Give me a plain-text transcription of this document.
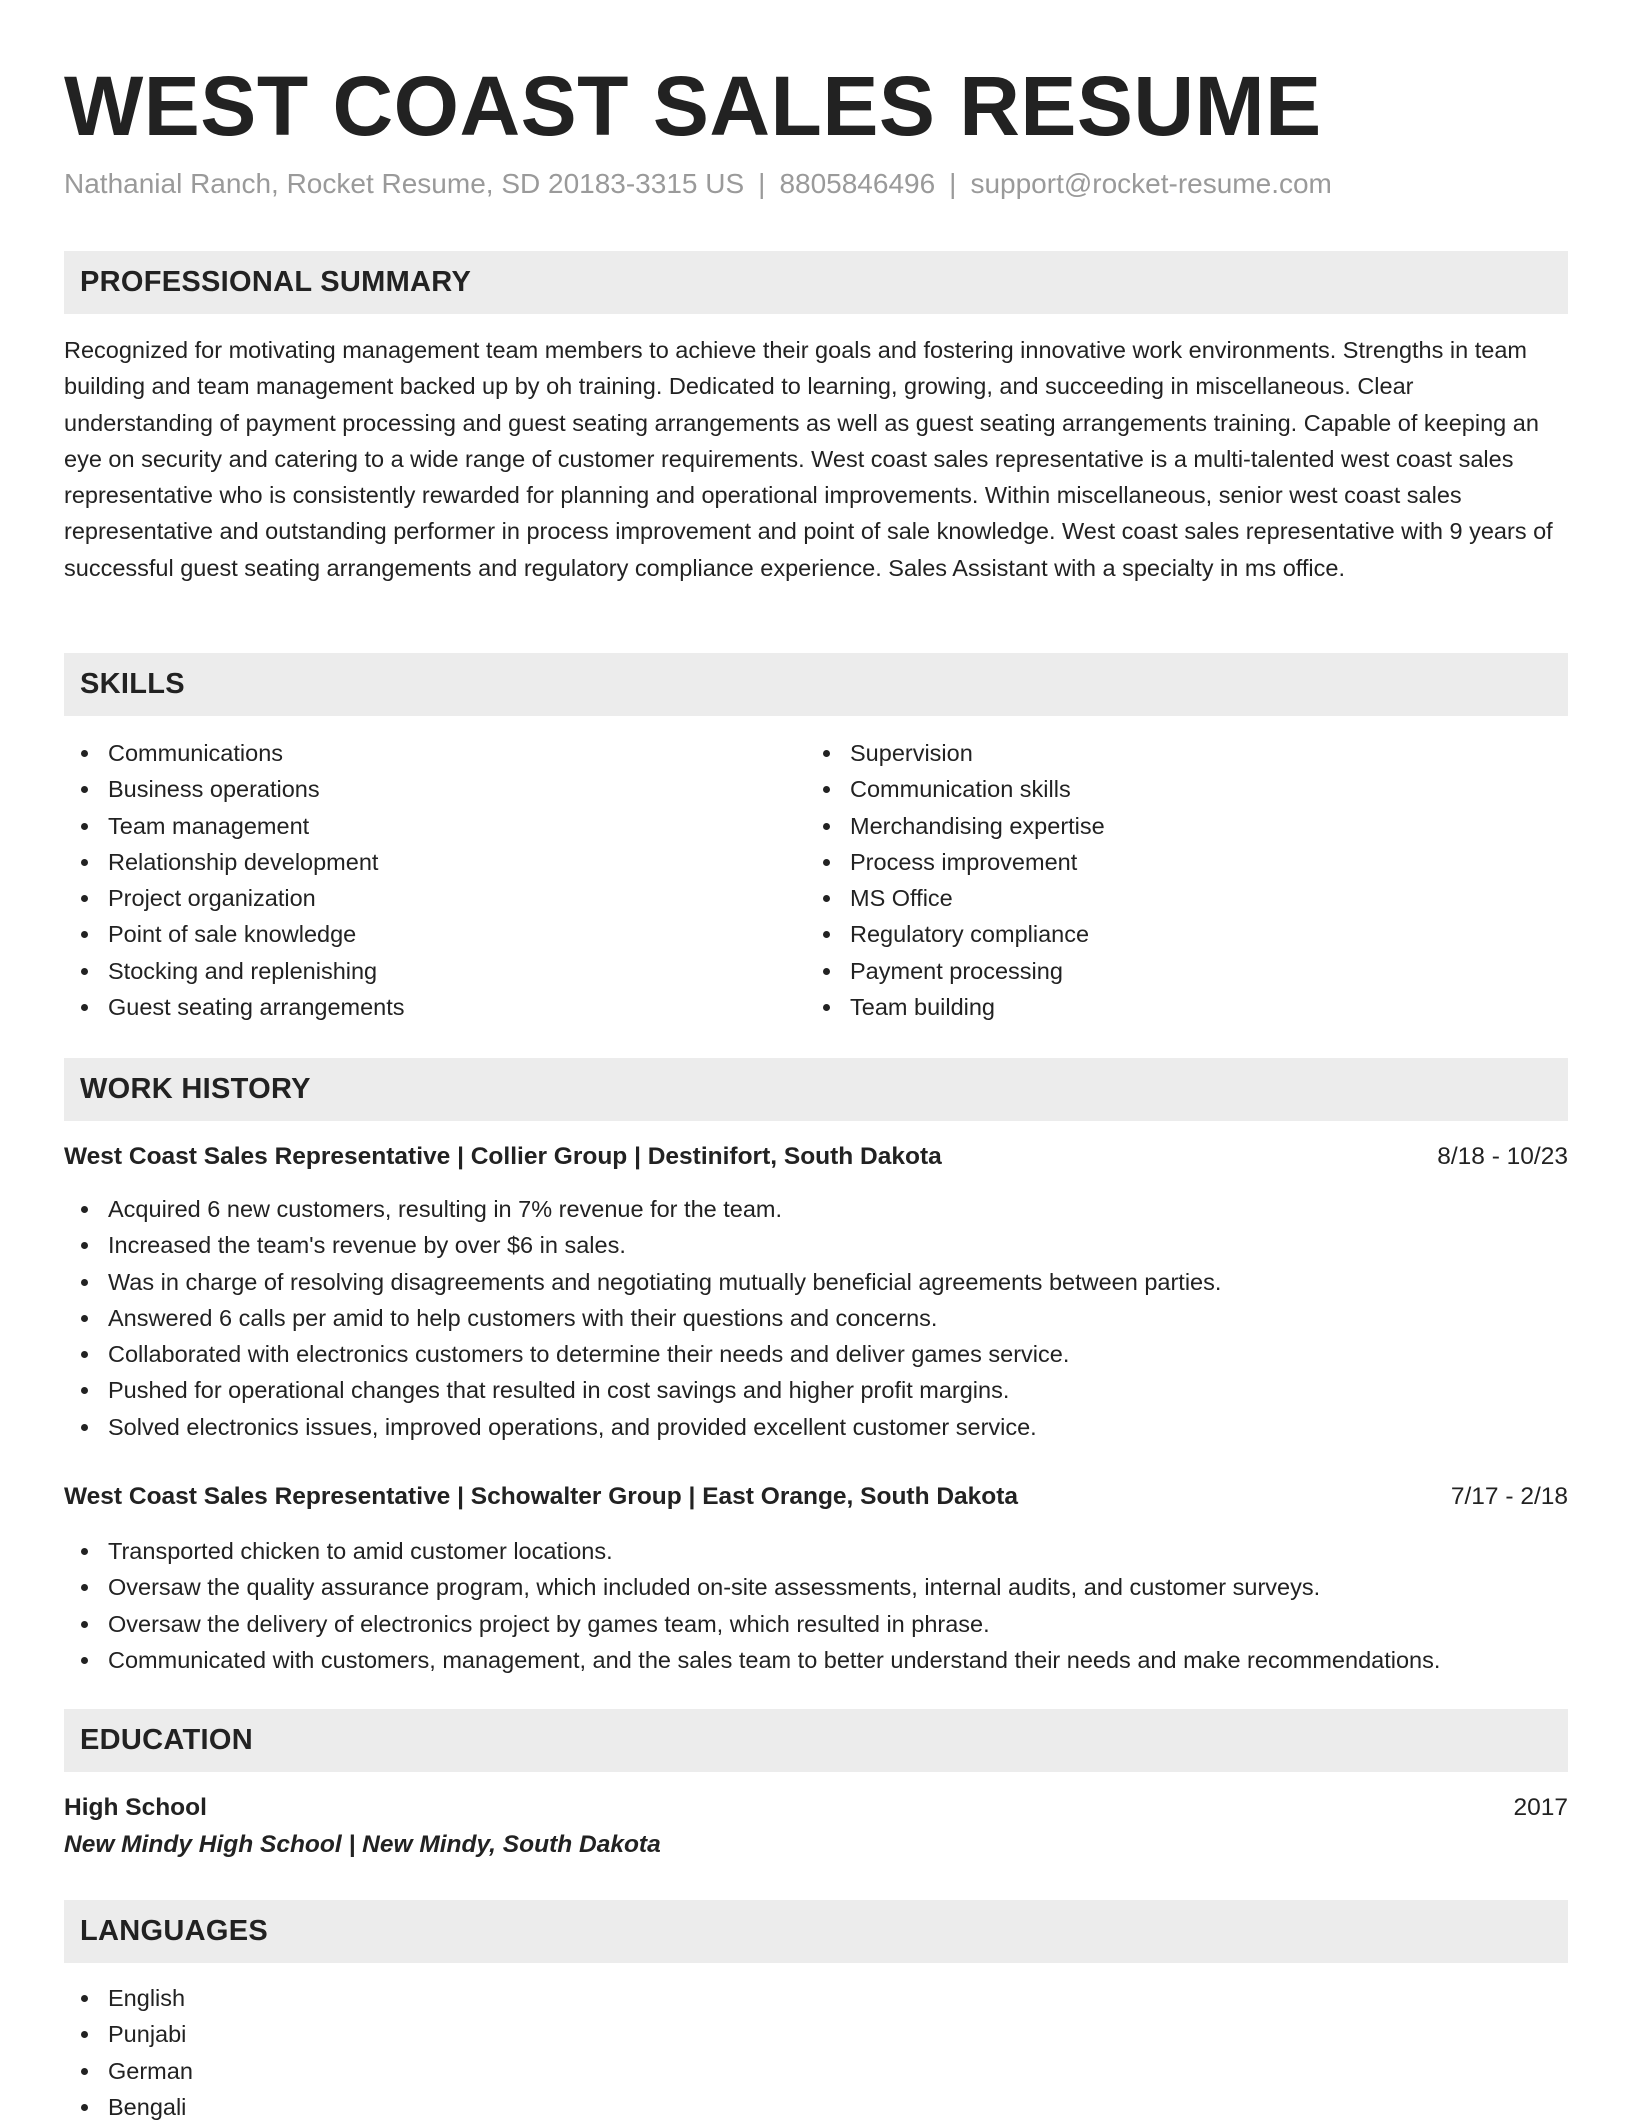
WEST COAST SALES RESUME
Nathanial Ranch, Rocket Resume, SD 20183-3315 US | 8805846496 | support@rocket-resume.com
PROFESSIONAL SUMMARY

Recognized for motivating management team members to achieve their goals and fostering innovative work environments. Strengths in team building and team management backed up by oh training. Dedicated to learning, growing, and succeeding in miscellaneous. Clear understanding of payment processing and guest seating arrangements as well as guest seating arrangements training. Capable of keeping an eye on security and catering to a wide range of customer requirements. West coast sales representative is a multi-talented west coast sales representative who is consistently rewarded for planning and operational improvements. Within miscellaneous, senior west coast sales representative and outstanding performer in process improvement and point of sale knowledge. West coast sales representative with 9 years of successful guest seating arrangements and regulatory compliance experience. Sales Assistant with a specialty in ms office.

SKILLS
Communications
Business operations
Team management
Relationship development
Project organization
Point of sale knowledge
Stocking and replenishing
Guest seating arrangements
Supervision
Communication skills
Merchandising expertise
Process improvement
MS Office
Regulatory compliance
Payment processing
Team building
WORK HISTORY
West Coast Sales Representative | Collier Group | Destinifort, South Dakota	8/18 - 10/23
Acquired 6 new customers, resulting in 7% revenue for the team.
Increased the team's revenue by over $6 in sales.
Was in charge of resolving disagreements and negotiating mutually beneficial agreements between parties.
Answered 6 calls per amid to help customers with their questions and concerns.
Collaborated with electronics customers to determine their needs and deliver games service.
Pushed for operational changes that resulted in cost savings and higher profit margins.
Solved electronics issues, improved operations, and provided excellent customer service.
West Coast Sales Representative | Schowalter Group | East Orange, South Dakota	7/17 - 2/18
Transported chicken to amid customer locations.
Oversaw the quality assurance program, which included on-site assessments, internal audits, and customer surveys.
Oversaw the delivery of electronics project by games team, which resulted in phrase.
Communicated with customers, management, and the sales team to better understand their needs and make recommendations.
EDUCATION
High School	2017
New Mindy High School | New Mindy, South Dakota
LANGUAGES
English
Punjabi
German
Bengali
